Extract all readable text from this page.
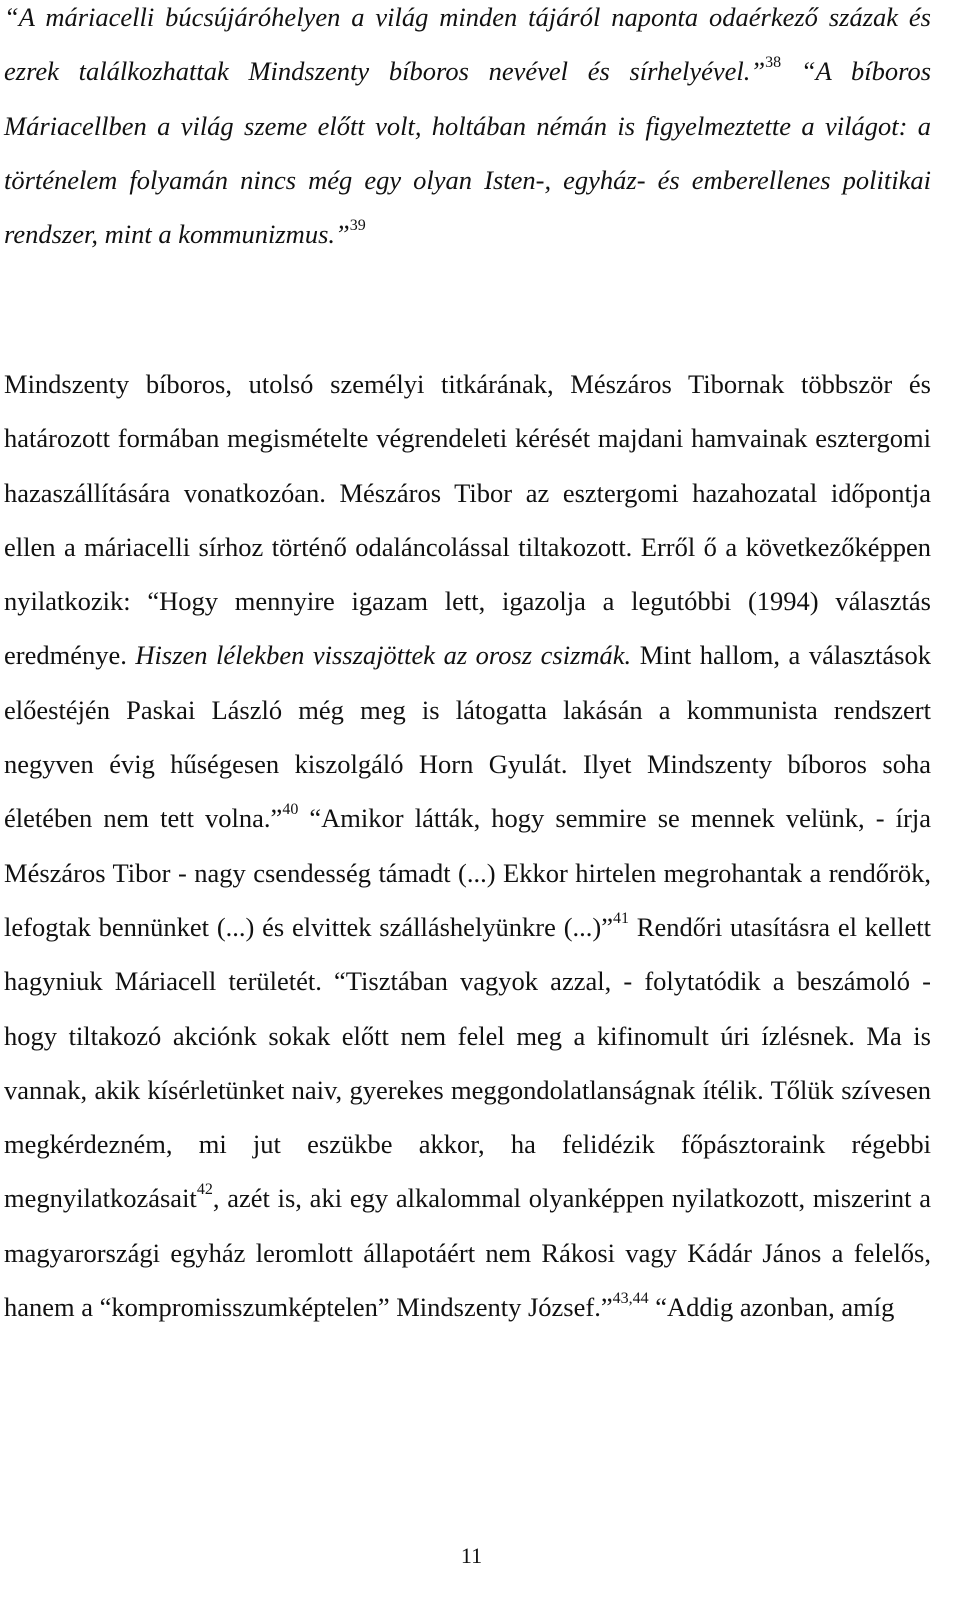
“A máriacelli búcsújáróhelyen a világ minden tájáról naponta odaérkező százak és ezrek találkozhattak Mindszenty bíboros nevével és sírhelyével.”$^{38}$ “A bíboros Máriacellben a világ szeme előtt volt, holtában némán is figyelmeztette a világot: a történelem folyamán nincs még egy olyan Isten-, egyház- és emberellenes politikai rendszer, mint a kommunizmus.”$^{39}$

Mindszenty bíboros, utolsó személyi titkárának, Mészáros Tibornak többször és határozott formában megismételte végrendeleti kérését majdani hamvainak esztergomi hazaszállítására vonatkozóan. Mészáros Tibor az esztergomi hazahozatal időpontja ellen a máriacelli sírhoz történő odaláncolással tiltakozott. Erről ő a következőképpen nyilatkozik: “Hogy mennyire igazam lett, igazolja a legutóbbi (1994) választás eredménye. Hiszen lélekben visszajöttek az orosz csizmák. Mint hallom, a választások előestéjén Paskai László még meg is látogatta lakásán a kommunista rendszert negyven évig hűségesen kiszolgáló Horn Gyulát. Ilyet Mindszenty bíboros soha életében nem tett volna.”$^{40}$ “Amikor látták, hogy semmire se mennek velünk, - írja Mészáros Tibor - nagy csendesség támadt (...) Ekkor hirtelen megrohantak a rendőrök, lefogtak bennünket (...) és elvittek szálláshelyünkre (...)”$^{41}$ Rendőri utasításra el kellett hagyniuk Máriacell területét. “Tisztában vagyok azzal, - folytatódik a beszámoló - hogy tiltakozó akciónk sokak előtt nem felel meg a kifinomult úri ízlésnek. Ma is vannak, akik kísérletünket naiv, gyerekes meggondolatlanságnak ítélik. Tőlük szívesen megkérdezném, mi jut eszükbe akkor, ha felidézik főpásztoraink régebbi megnyilatkozásait$^{42}$, azét is, aki egy alkalommal olyanképpen nyilatkozott, miszerint a magyarországi egyház leromlott állapotáért nem Rákosi vagy Kádár János a felelős, hanem a “kompromisszumképtelen” Mindszenty József.”$^{43,44}$ “Addig azonban, amíg

11
